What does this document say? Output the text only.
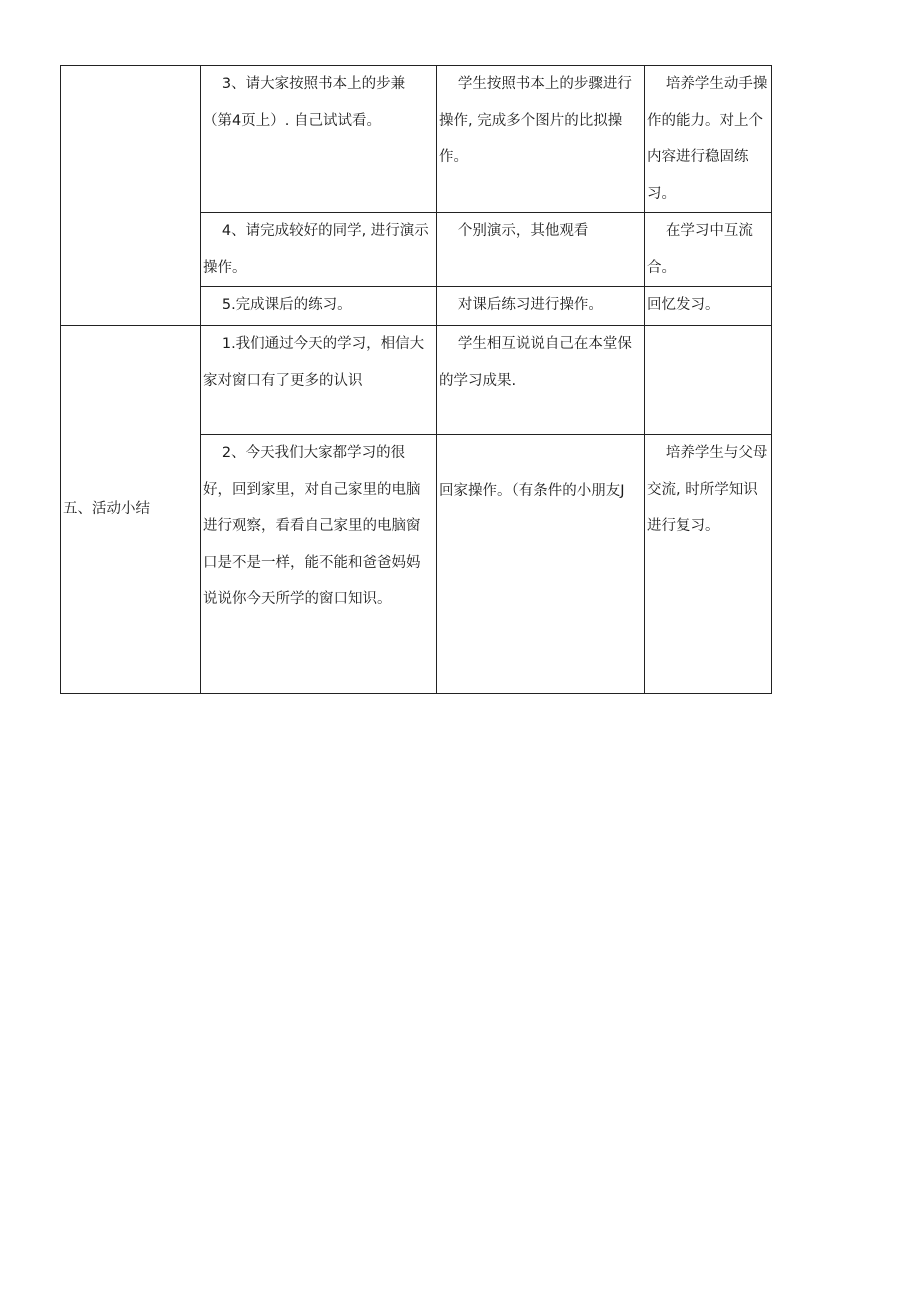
	3、请大家按照书本上的步兼（第4页上）. 自己试试看。	学生按照书本上的步骤进行操作, 完成多个图片的比拟操作。	培养学生动手操作的能力。对上个内容进行稳固练习。
	4、请完成较好的同学, 进行演示操作。	个别演示，其他观看	在学习中互流合。
	5.完成课后的练习。	对课后练习进行操作。	回忆发习。
五、活动小结	1.我们通过今天的学习，相信大家对窗口有了更多的认识	学生相互说说自己在本堂保的学习成果.	
	2、今天我们大家都学习的很好，回到家里，对自己家里的电脑进行观察，看看自己家里的电脑窗口是不是一样，能不能和爸爸妈妈说说你今天所学的窗口知识。	回家操作。（有条件的小朋友J	培养学生与父母交流, 时所学知识进行复习。
